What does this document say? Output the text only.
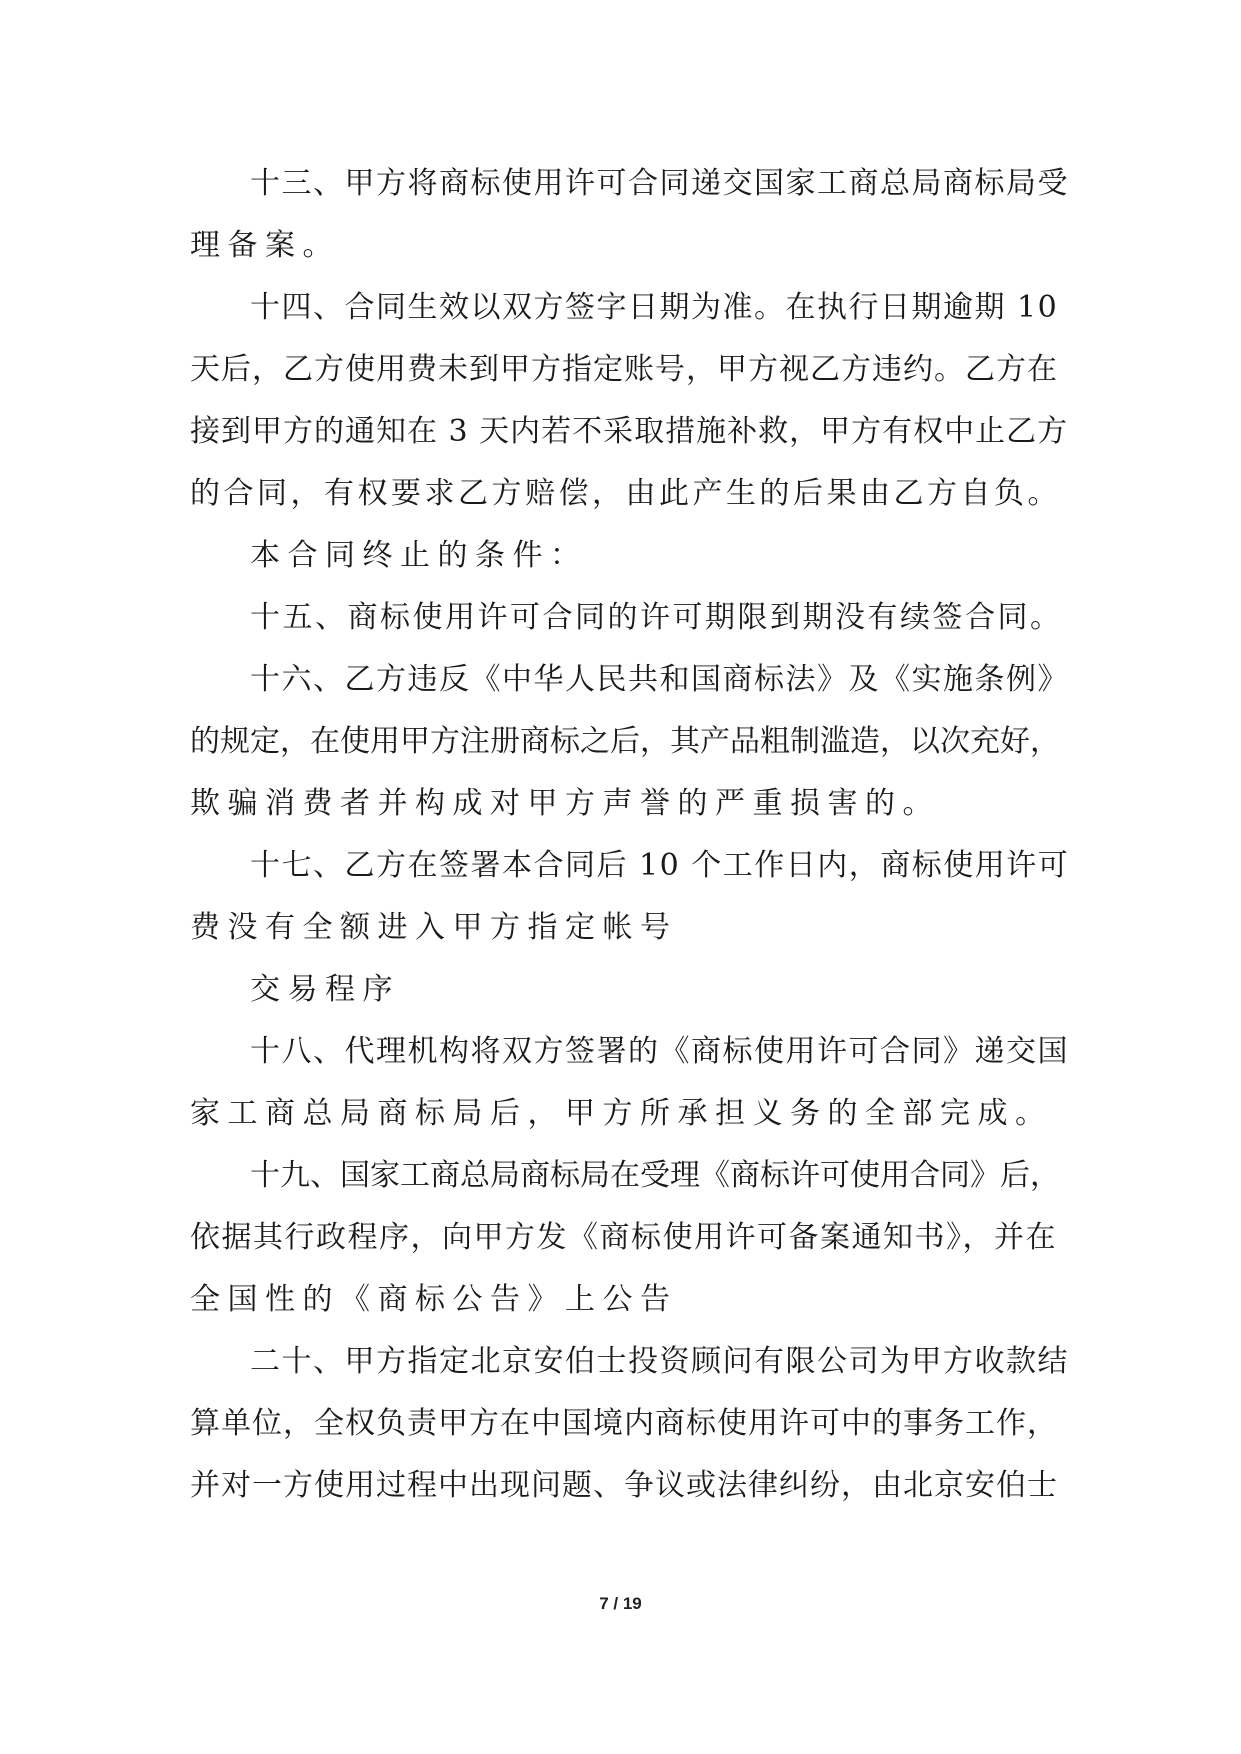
十三、甲方将商标使用许可合同递交国家工商总局商标局受
理备案。
十四、合同生效以双方签字日期为准。在执行日期逾期 10
天后，乙方使用费未到甲方指定账号，甲方视乙方违约。乙方在
接到甲方的通知在 3 天内若不采取措施补救，甲方有权中止乙方
的合同，有权要求乙方赔偿，由此产生的后果由乙方自负。
本合同终止的条件：
十五、商标使用许可合同的许可期限到期没有续签合同。
十六、乙方违反《中华人民共和国商标法》及《实施条例》
的规定，在使用甲方注册商标之后，其产品粗制滥造，以次充好，
欺骗消费者并构成对甲方声誉的严重损害的。
十七、乙方在签署本合同后 10 个工作日内，商标使用许可
费没有全额进入甲方指定帐号
交易程序
十八、代理机构将双方签署的《商标使用许可合同》递交国
家工商总局商标局后，甲方所承担义务的全部完成。
十九、国家工商总局商标局在受理《商标许可使用合同》后，
依据其行政程序，向甲方发《商标使用许可备案通知书》，并在
全国性的《商标公告》上公告
二十、甲方指定北京安伯士投资顾问有限公司为甲方收款结
算单位，全权负责甲方在中国境内商标使用许可中的事务工作，
并对一方使用过程中出现问题、争议或法律纠纷，由北京安伯士
7 / 19
